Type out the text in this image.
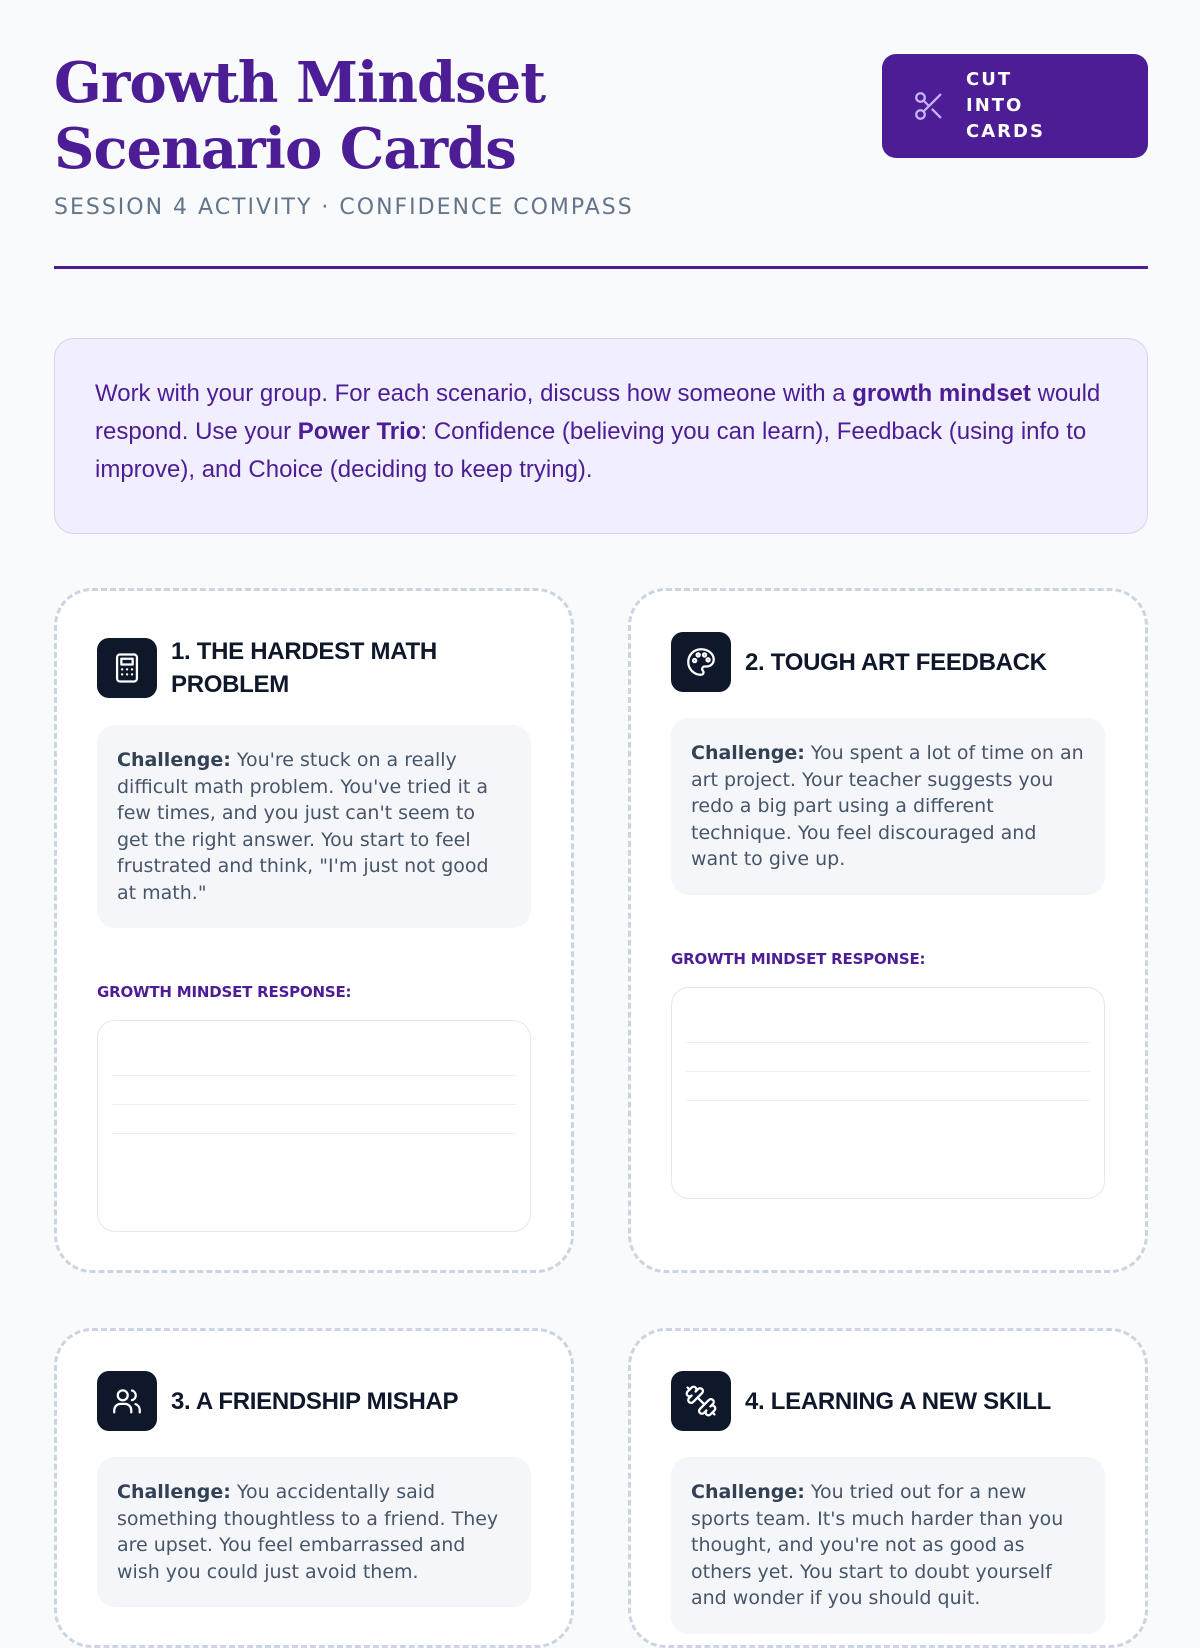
Growth Mindset Scenario Cards
SESSION 4 ACTIVITY · CONFIDENCE COMPASS
CUT INTO CARDS

Work with your group. For each scenario, discuss how someone with a growth mindset would respond. Use your Power Trio: Confidence (believing you can learn), Feedback (using info to improve), and Choice (deciding to keep trying).

1. THE HARDEST MATH PROBLEM
Challenge: You're stuck on a really difficult math problem. You've tried it a few times, and you just can't seem to get the right answer. You start to feel frustrated and think, "I'm just not good at math."
GROWTH MINDSET RESPONSE:
2. TOUGH ART FEEDBACK
Challenge: You spent a lot of time on an art project. Your teacher suggests you redo a big part using a different technique. You feel discouraged and want to give up.
GROWTH MINDSET RESPONSE:
3. A FRIENDSHIP MISHAP
Challenge: You accidentally said something thoughtless to a friend. They are upset. You feel embarrassed and wish you could just avoid them.
4. LEARNING A NEW SKILL
Challenge: You tried out for a new sports team. It's much harder than you thought, and you're not as good as others yet. You start to doubt yourself and wonder if you should quit.
